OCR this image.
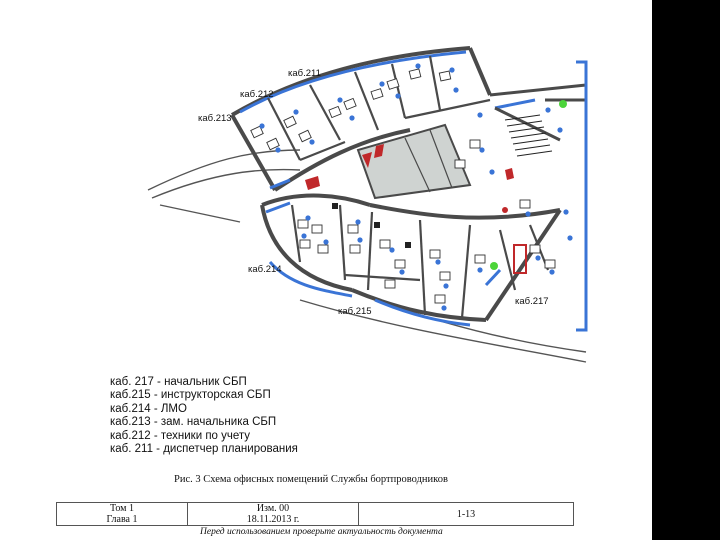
каб.211
каб.212
каб.213
каб.214
каб.215
каб.217
каб. 217 - начальник СБП
каб.215 - инструкторская СБП
каб.214 - ЛМО
каб.213 - зам. начальника СБП
каб.212 - техники по учету
каб. 211 - диспетчер планирования
Рис. 3 Схема офисных помещений Службы бортпроводников
Том 1
Глава 1

Изм. 00
18.11.2013 г.	1-13
Перед использованием проверьте актуальность документа
